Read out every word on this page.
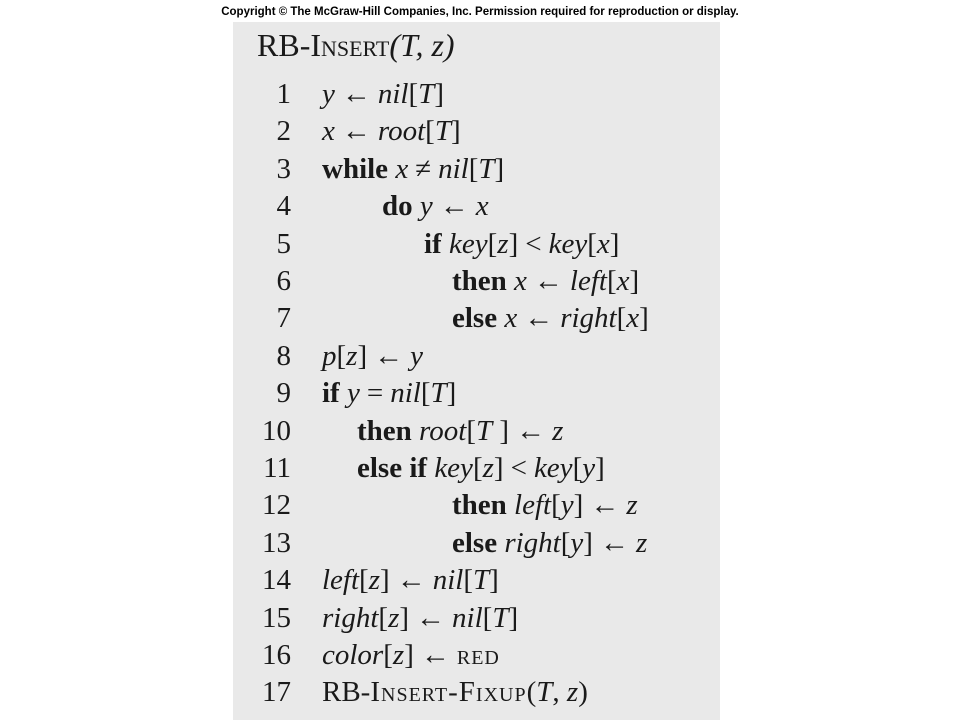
Copyright © The McGraw-Hill Companies, Inc. Permission required for reproduction or display.
RB-Insert(T, z)
1 y ← nil[T]
2 x ← root[T]
3 while x ≠ nil[T]
4	do y ← x
5	if key[z] < key[x]
6	then x ← left[x]
7	else x ← right[x]
8 p[z] ← y
9 if y = nil[T]
10 then root[T ] ← z
11 else if key[z] < key[y]
12	then left[y] ← z
13	else right[y] ← z
14 left[z] ← nil[T]
15 right[z] ← nil[T]
16 color[z] ← red
17 RB-Insert-Fixup(T, z)
